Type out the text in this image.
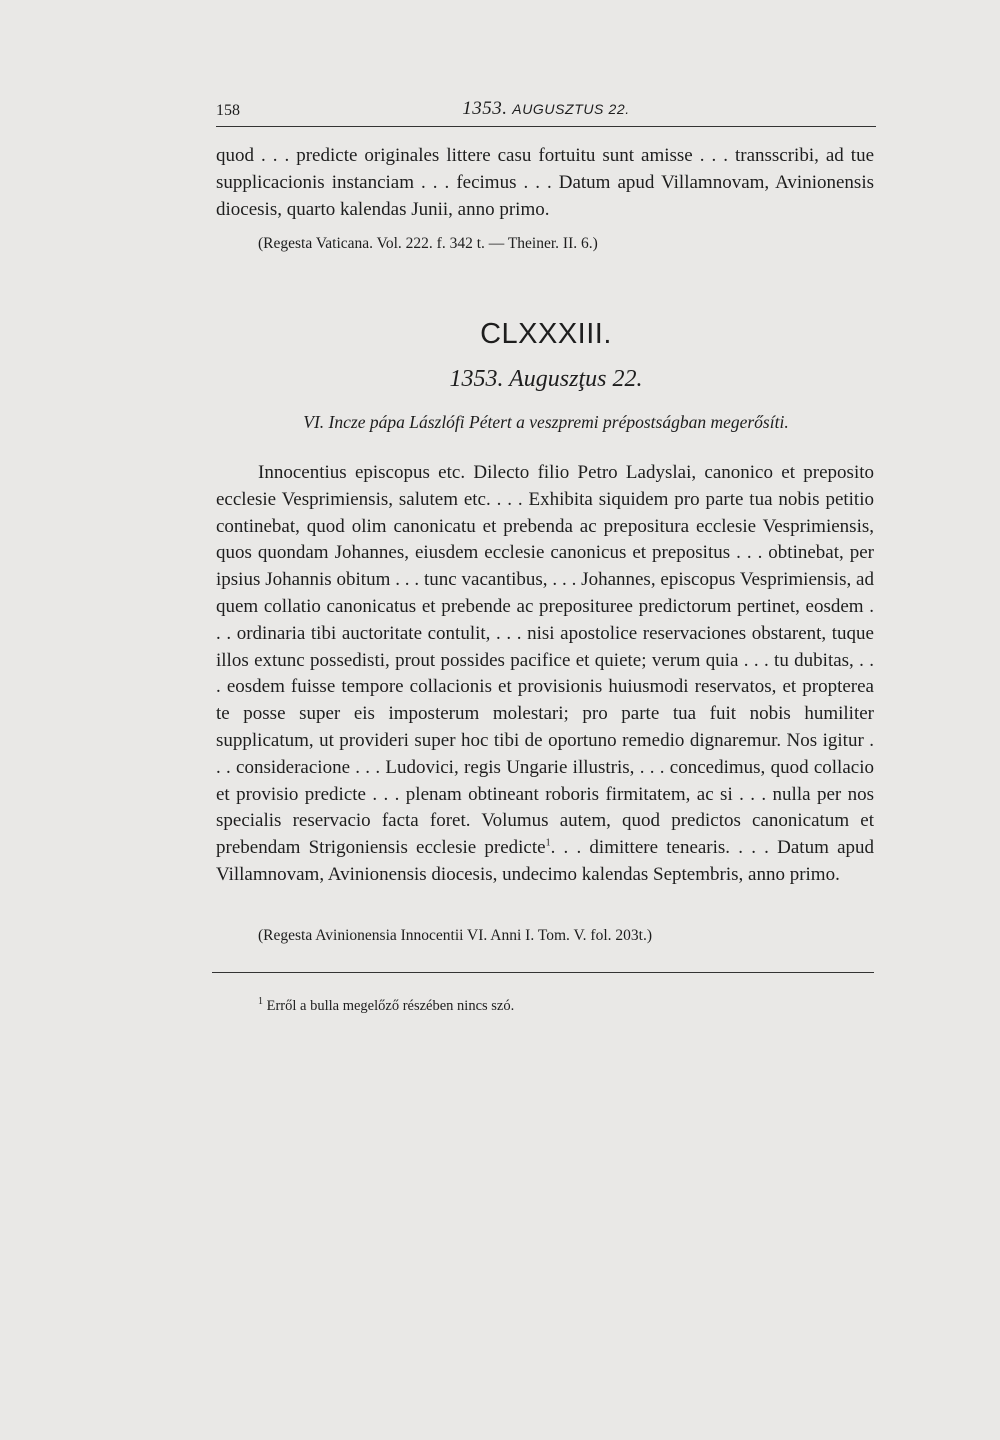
158	1353. AUGUSZTUS 22.

quod . . . predicte originales littere casu fortuitu sunt amisse . . . transscribi, ad tue supplicacionis instanciam . . . fecimus . . . Datum apud Villamnovam, Avinionensis diocesis, quarto kalendas Junii, anno primo.

(Regesta Vaticana. Vol. 222. f. 342 t. — Theiner. II. 6.)

CLXXXIII.
1353. Auguszţus 22.
VI. Incze pápa Lászlófi Pétert a veszpremi prépostságban megerősíti.

Innocentius episcopus etc. Dilecto filio Petro Ladyslai, canonico et preposito ecclesie Vesprimiensis, salutem etc. . . . Exhibita siquidem pro parte tua nobis petitio continebat, quod olim canonicatu et prebenda ac prepositura ecclesie Vesprimiensis, quos quondam Johannes, eiusdem ecclesie canonicus et prepositus . . . obtinebat, per ipsius Johannis obitum . . . tunc vacantibus, . . . Johannes, episcopus Vesprimiensis, ad quem collatio canonicatus et prebende ac preposituree predictorum pertinet, eosdem . . . ordinaria tibi auctoritate contulit, . . . nisi apostolice reservaciones obstarent, tuque illos extunc possedisti, prout possides pacifice et quiete; verum quia . . . tu dubitas, . . . eosdem fuisse tempore collacionis et provisionis huiusmodi reservatos, et propterea te posse super eis imposterum molestari; pro parte tua fuit nobis humiliter supplicatum, ut provideri super hoc tibi de oportuno remedio dignaremur. Nos igitur . . . consideracione . . . Ludovici, regis Ungarie illustris, . . . concedimus, quod collacio et provisio predicte . . . plenam obtineant roboris firmitatem, ac si . . . nulla per nos specialis reservacio facta foret. Volumus autem, quod predictos canonicatum et prebendam Strigoniensis ecclesie predicte$^1$. . . dimittere tenearis. . . . Datum apud Villamnovam, Avinionensis diocesis, undecimo kalendas Septembris, anno primo.

(Regesta Avinionensia Innocentii VI. Anni I. Tom. V. fol. 203t.)

$^1$ Erről a bulla megelőző részében nincs szó.
